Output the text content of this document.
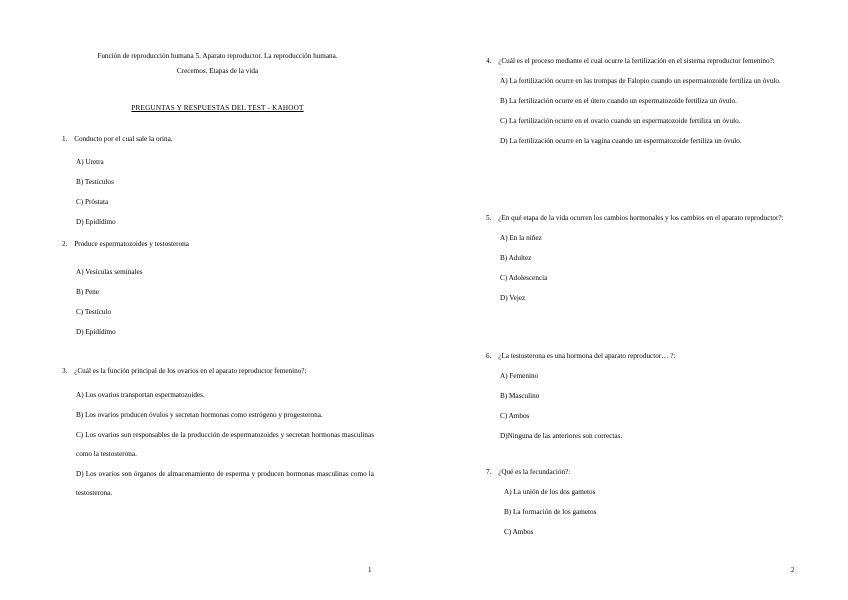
Función de reproducción humana 5. Aparato reproductor. La reproducción humana.
Crecemos. Etapas de la vida
PREGUNTAS Y RESPUESTAS DEL TEST - KAHOOT
1. Conducto por el cual sale la orina.
A) Uretra
B) Testículos
C) Próstata
D) Epidídimo
2. Produce espermatozoides y testosterona
A) Vesículas seminales
B) Pene
C) Testículo
D) Epidídimo
3. ¿Cuál es la función principal de los ovarios en el aparato reproductor femenino?:
A) Los ovarios transportan espermatozoides.
B) Los ovarios producen óvulos y secretan hormonas como estrógeno y progesterona.
C) Los ovarios son responsables de la producción de espermatozoides y secretan hormonas masculinas como la testosterona.
D) Los ovarios son órganos de almacenamiento de esperma y producen hormonas masculinas como la testosterona.
1
4. ¿Cuál es el proceso mediante el cual ocurre la fertilización en el sistema reproductor femenino?:
A) La fertilización ocurre en las trompas de Falopio cuando un espermatozoide fertiliza un óvulo.
B) La fertilización ocurre en el útero cuando un espermatozoide fertiliza un óvulo.
C) La fertilización ocurre en el ovario cuando un espermatozoide fertiliza un óvulo.
D) La fertilización ocurre en la vagina cuando un espermatozoide fertiliza un óvulo.
5. ¿En qué etapa de la vida ocurren los cambios hormonales y los cambios en el aparato reproductor?:
A) En la niñez
B) Adultez
C) Adolescencia
D) Vejez
6. ¿La testosterona es una hormona del aparato reproductor… ?:
A) Femenino
B) Masculino
C) Ambos
D)Ninguna de las anteriores son correctas.
7. ¿Qué es la fecundación?:
A) La unión de los dos gametos
B) La formación de los gametos
C) Ambos
2
